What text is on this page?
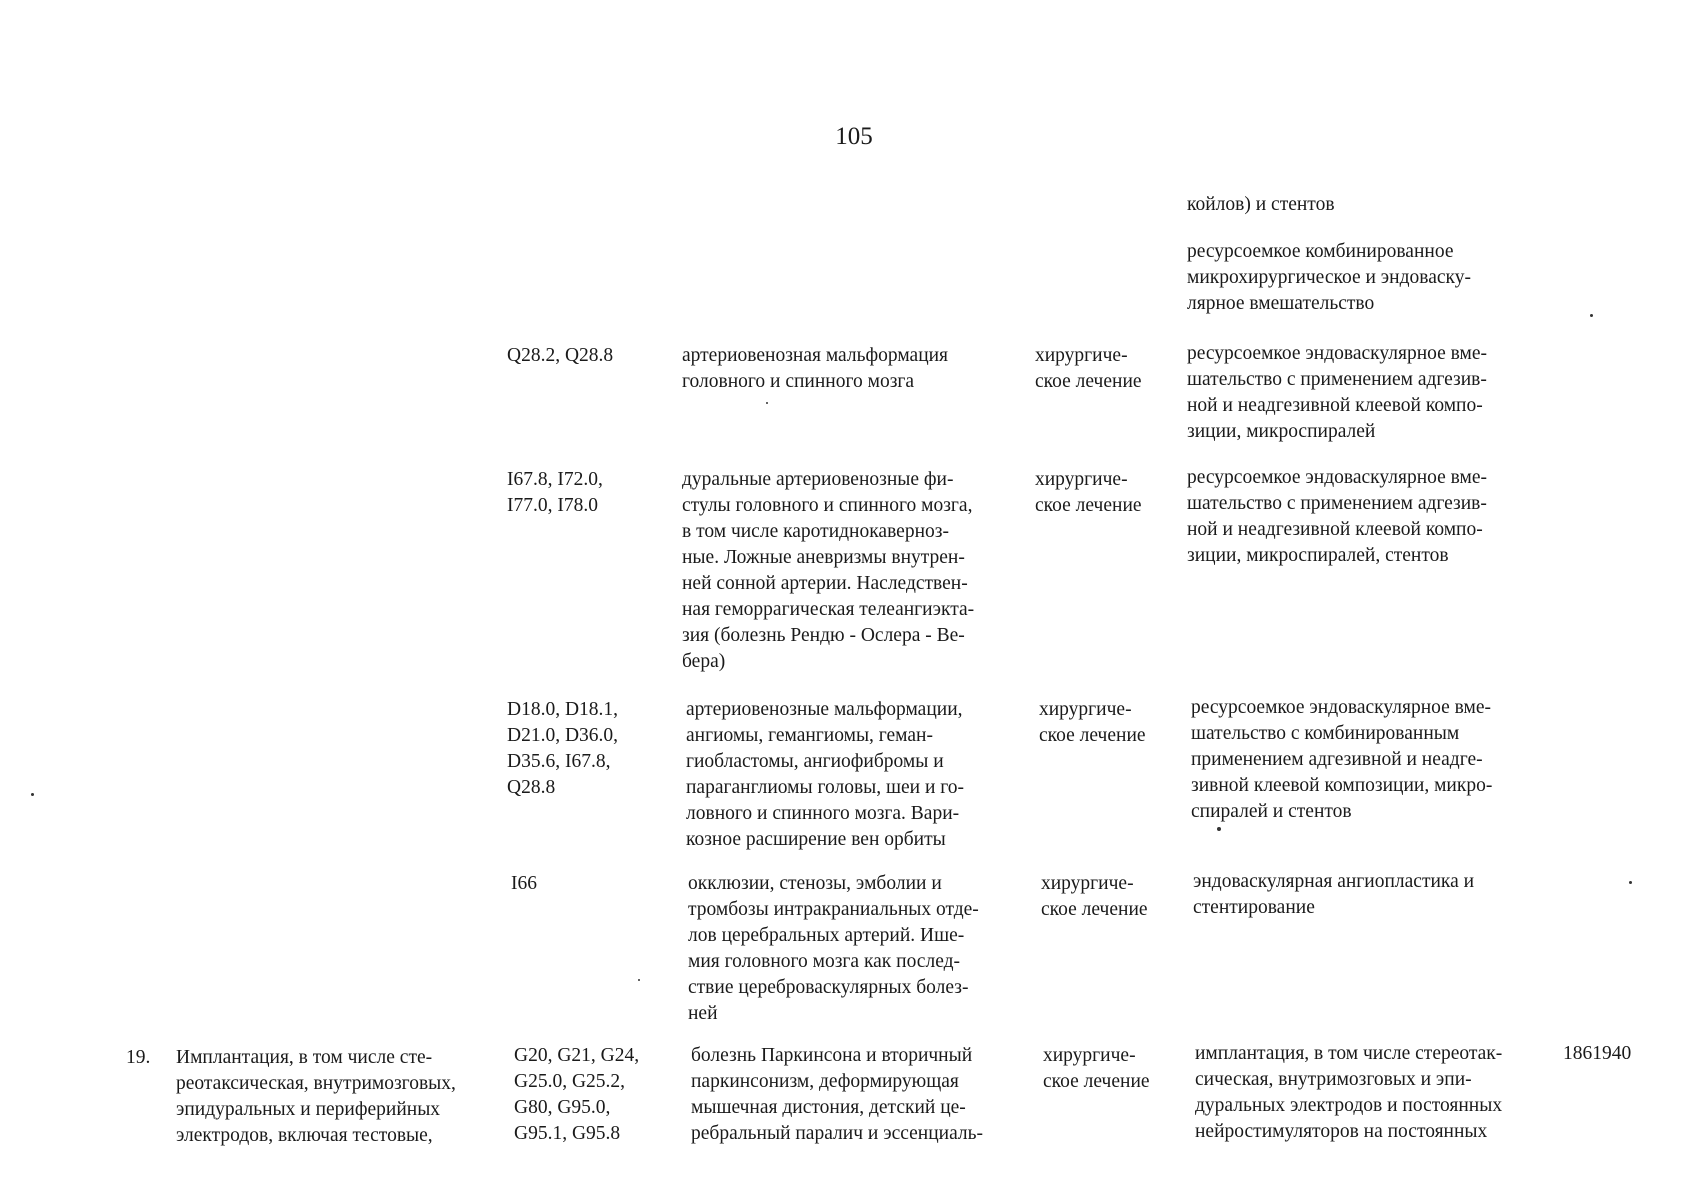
105
койлов) и стентов
ресурсоемкое комбинированное
микрохирургическое и эндоваску-
лярное вмешательство
Q28.2, Q28.8	артериовенозная мальформация
головного и спинного мозга
хирургиче-
ское лечение
ресурсоемкое эндоваскулярное вме-
шательство с применением адгезив-
ной и неадгезивной клеевой компо-
зиции, микроспиралей
I67.8, I72.0,
I77.0, I78.0
дуральные артериовенозные фи-
стулы головного и спинного мозга,
в том числе каротиднокаверноз-
ные. Ложные аневризмы внутрен-
ней сонной артерии. Наследствен-
ная геморрагическая телеангиэкта-
зия (болезнь Рендю - Ослера - Ве-
бера)
хирургиче-
ское лечение
ресурсоемкое эндоваскулярное вме-
шательство с применением адгезив-
ной и неадгезивной клеевой компо-
зиции, микроспиралей, стентов
D18.0, D18.1,
D21.0, D36.0,
D35.6, I67.8,
Q28.8
артериовенозные мальформации,
ангиомы, гемангиомы, геман-
гиобластомы, ангиофибромы и
параганглиомы головы, шеи и го-
ловного и спинного мозга. Вари-
козное расширение вен орбиты
хирургиче-
ское лечение
ресурсоемкое эндоваскулярное вме-
шательство с комбинированным
применением адгезивной и неадге-
зивной клеевой композиции, микро-
спиралей и стентов
I66	окклюзии, стенозы, эмболии и
тромбозы интракраниальных отде-
лов церебральных артерий. Ише-
мия головного мозга как послед-
ствие цереброваскулярных болез-
ней
хирургиче-
ское лечение
эндоваскулярная ангиопластика и
стентирование
19. Имплантация, в том числе сте-
реотаксическая, внутримозговых,
эпидуральных и периферийных
электродов, включая тестовые,
G20, G21, G24,
G25.0, G25.2,
G80, G95.0,
G95.1, G95.8
болезнь Паркинсона и вторичный
паркинсонизм, деформирующая
мышечная дистония, детский це-
ребральный паралич и эссенциаль-
хирургиче-
ское лечение
имплантация, в том числе стереотак-
сическая, внутримозговых и эпи-
дуральных электродов и постоянных
нейростимуляторов на постоянных
1861940
